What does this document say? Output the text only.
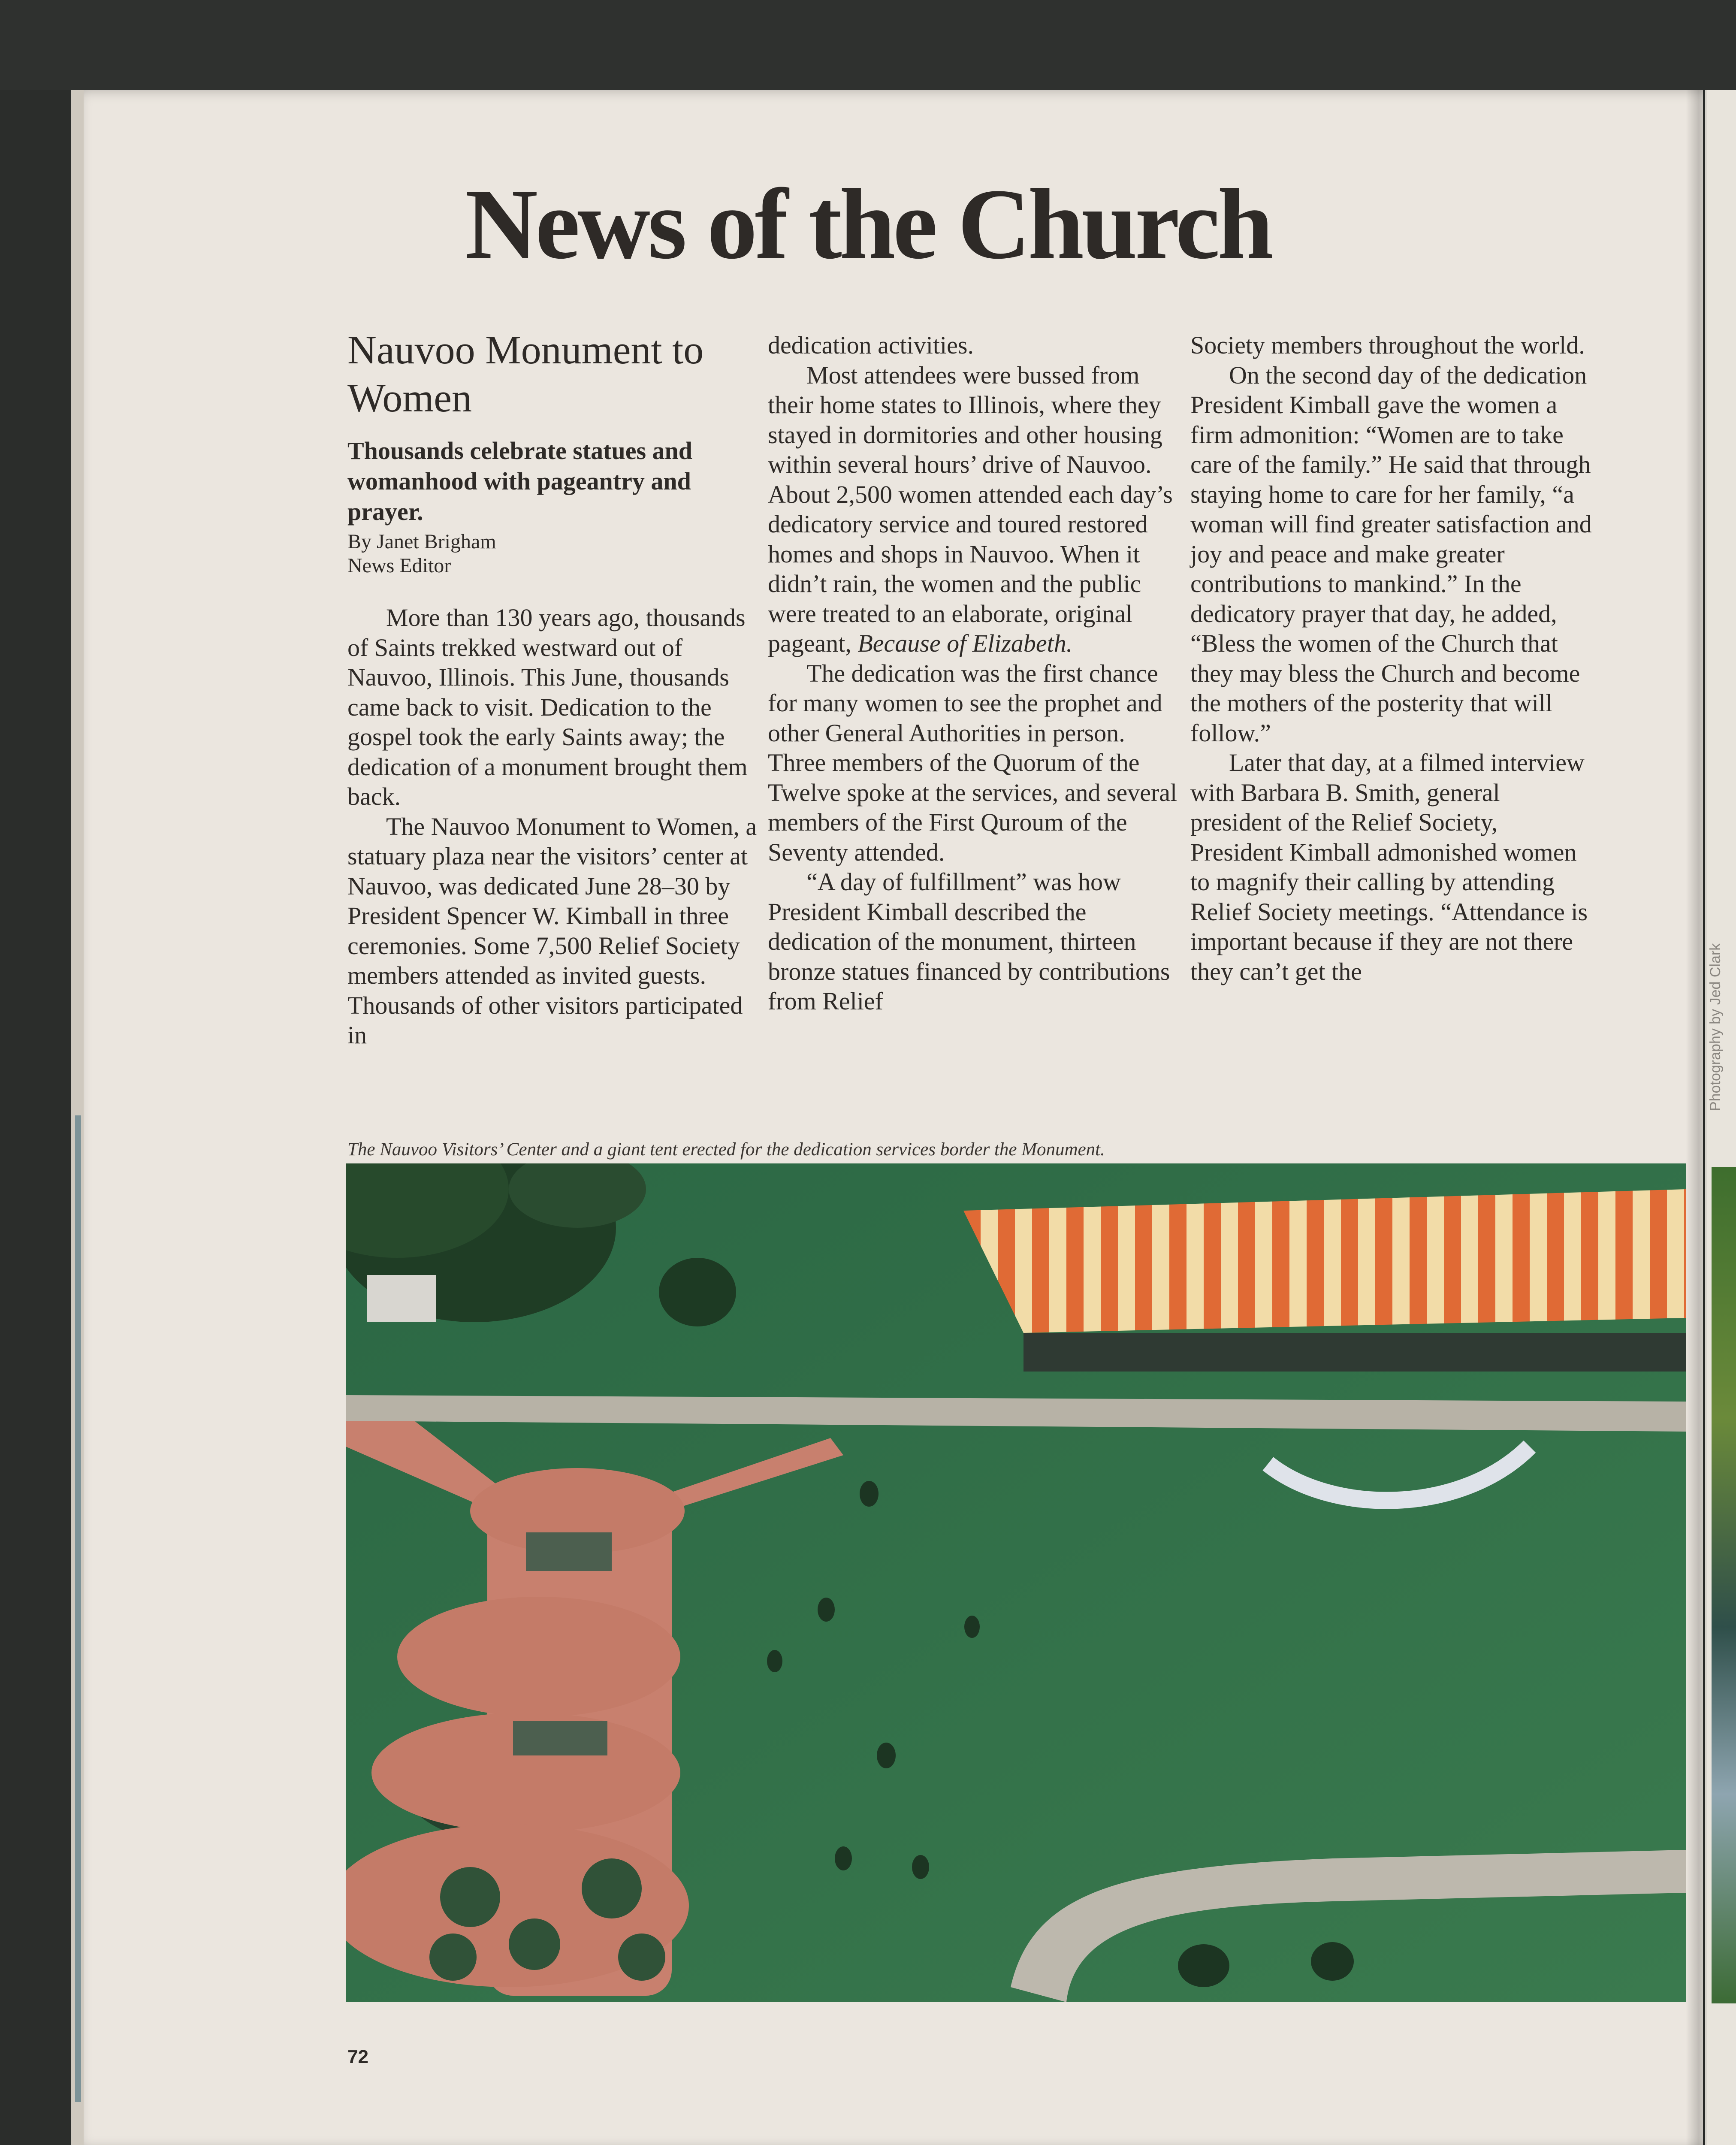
News of the Church
Nauvoo Monument to Women

Thousands celebrate statues and womanhood with pageantry and prayer.

By Janet Brigham
News Editor

More than 130 years ago, thousands of Saints trekked westward out of Nauvoo, Illinois. This June, thousands came back to visit. Dedication to the gospel took the early Saints away; the dedication of a monument brought them back.

The Nauvoo Monument to Women, a statuary plaza near the visitors’ center at Nauvoo, was dedicated June 28–30 by President Spencer W. Kimball in three ceremonies. Some 7,500 Relief Society members attended as invited guests. Thousands of other visitors participated in

dedication activities.

Most attendees were bussed from their home states to Illinois, where they stayed in dormitories and other housing within several hours’ drive of Nauvoo. About 2,500 women attended each day’s dedicatory service and toured restored homes and shops in Nauvoo. When it didn’t rain, the women and the public were treated to an elaborate, original pageant, Because of Elizabeth.

The dedication was the first chance for many women to see the prophet and other General Authorities in person. Three members of the Quorum of the Twelve spoke at the services, and several members of the First Quroum of the Seventy attended.

“A day of fulfillment” was how President Kimball described the dedication of the monument, thirteen bronze statues financed by contributions from Relief

Society members throughout the world.

On the second day of the dedication President Kimball gave the women a firm admonition: “Women are to take care of the family.” He said that through staying home to care for her family, “a woman will find greater satisfaction and joy and peace and make greater contributions to mankind.” In the dedicatory prayer that day, he added, “Bless the women of the Church that they may bless the Church and become the mothers of the posterity that will follow.”

Later that day, at a filmed interview with Barbara B. Smith, general president of the Relief Society, President Kimball admonished women to magnify their calling by attending Relief Society meetings. “Attendance is important because if they are not there they can’t get the	Photography by Jed Clark
The Nauvoo Visitors’ Center and a giant tent erected for the dedication services border the Monument.
72
